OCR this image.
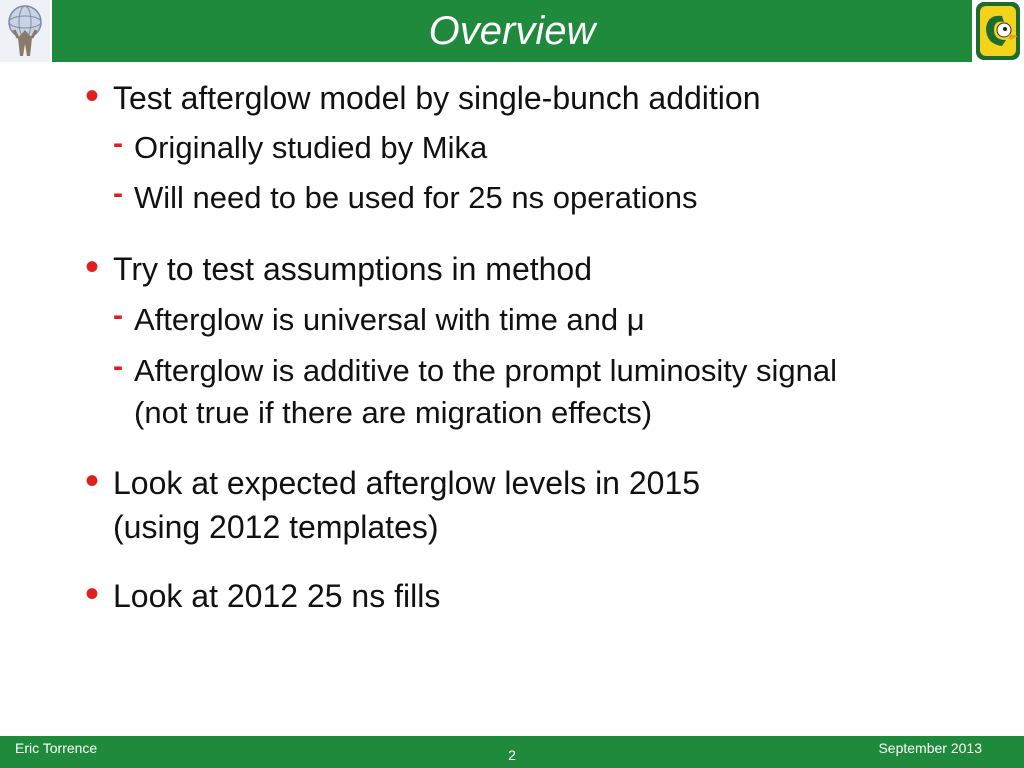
Overview
• Test afterglow model by single-bunch addition
- Originally studied by Mika
- Will need to be used for 25 ns operations
• Try to test assumptions in method
- Afterglow is universal with time and μ
- Afterglow is additive to the prompt luminosity signal
(not true if there are migration effects)
• Look at expected afterglow levels in 2015
(using 2012 templates)
• Look at 2012 25 ns fills
Eric Torrence	2	September 2013
